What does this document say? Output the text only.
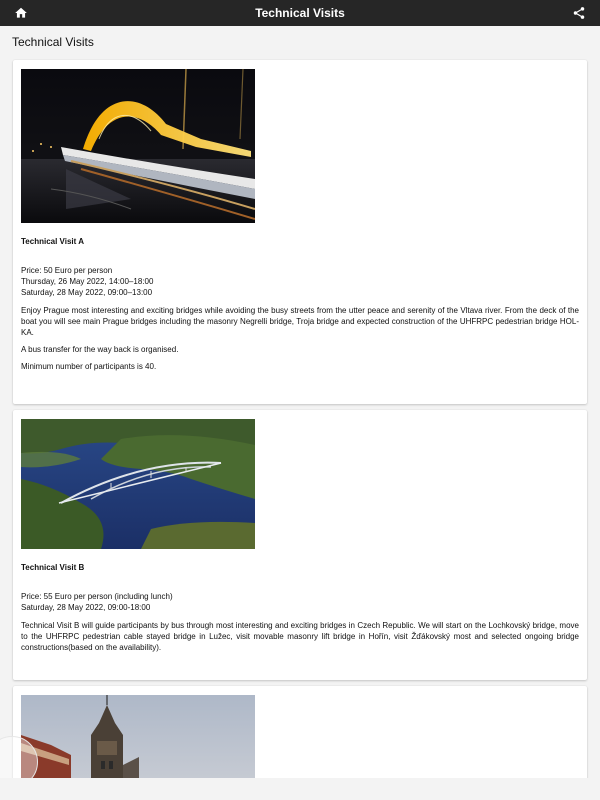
Technical Visits
Technical Visits
Technical Visit A
Price: 50 Euro per person
Thursday, 26 May 2022, 14:00–18:00
Saturday, 28 May 2022, 09:00–13:00

Enjoy Prague most interesting and exciting bridges while avoiding the busy streets from the utter peace and serenity of the Vltava river. From the deck of the boat you will see main Prague bridges including the masonry Negrelli bridge, Troja bridge and expected construction of the UHFRPC pedestrian bridge HOL-KA.

A bus transfer for the way back is organised.

Minimum number of participants is 40.

Technical Visit B
Price: 55 Euro per person (including lunch)
Saturday, 28 May 2022, 09:00-18:00

Technical Visit B will guide participants by bus through most interesting and exciting bridges in Czech Republic. We will start on the Lochkovský bridge, move to the UHFRPC pedestrian cable stayed bridge in Lužec, visit movable masonry lift bridge in Hořín, visit Žďákovský most and selected ongoing bridge constructions(based on the availability).
